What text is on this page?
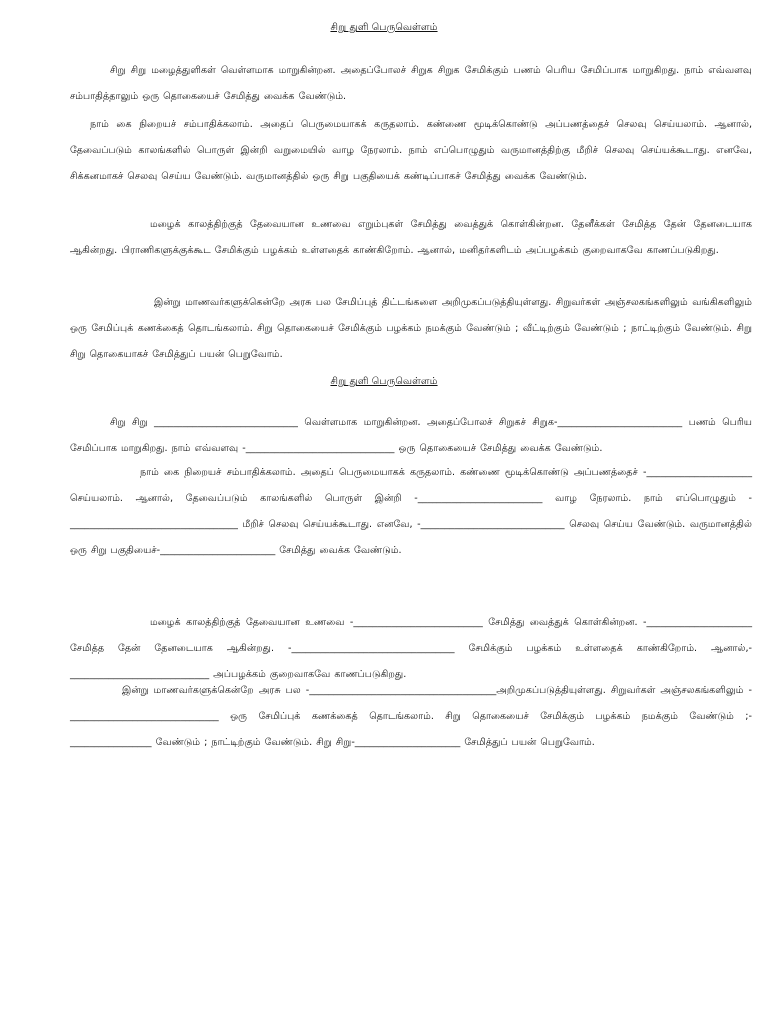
சிறு துளி பெருவெள்ளம்

சிறு சிறு மழைத்துளிகள் வெள்ளமாக மாறுகின்றன. அதைப்போலச் சிறுக சிறுக சேமிக்கும் பணம் பெரிய சேமிப்பாக மாறுகிறது. நாம் எவ்வளவு சம்பாதித்தாலும் ஒரு தொகையைச் சேமித்து வைக்க வேண்டும்.

நாம் கை நிறையச் சம்பாதிக்கலாம். அதைப் பெருமையாகக் கருதலாம். கண்ணை மூடிக்கொண்டு அப்பணத்தைச் செலவு செய்யலாம். ஆனால், தேவைப்படும் காலங்களில் பொருள் இன்றி வறுமையில் வாழ நேரலாம். நாம் எப்பொழுதும் வருமானத்திற்கு மீறிச் செலவு செய்யக்கூடாது. எனவே, சிக்கனமாகச் செலவு செய்ய வேண்டும். வருமானத்தில் ஒரு சிறு பகுதியைக் கண்டிப்பாகச் சேமித்து வைக்க வேண்டும்.

மழைக் காலத்திற்குத் தேவையான உணவை எறும்புகள் சேமித்து வைத்துக் கொள்கின்றன. தேனீக்கள் சேமித்த தேன் தேனடையாக ஆகின்றது. பிராணிகளுக்குக்கூட சேமிக்கும் பழக்கம் உள்ளதைக் காண்கிறோம். ஆனால், மனிதர்களிடம் அப்பழக்கம் குறைவாகவே காணப்படுகிறது.

இன்று மாணவர்களுக்கென்றே அரசு பல சேமிப்புத் திட்டங்களை அறிமுகப்படுத்தியுள்ளது. சிறுவர்கள் அஞ்சலகங்களிலும் வங்கிகளிலும் ஒரு சேமிப்புக் கணக்கைத் தொடங்கலாம். சிறு தொகையைச் சேமிக்கும் பழக்கம் நமக்கும் வேண்டும் ; வீட்டிற்கும் வேண்டும் ; நாட்டிற்கும் வேண்டும். சிறு சிறு தொகையாகச் சேமித்துப் பயன் பெறுவோம்.

சிறு துளி பெருவெள்ளம்

சிறு சிறு ______________________________ வெள்ளமாக மாறுகின்றன. அதைப்போலச் சிறுகச் சிறுக-__________________________ பணம் பெரிய சேமிப்பாக மாறுகிறது. நாம் எவ்வளவு -_______________________________ ஒரு தொகையைச் சேமித்து வைக்க வேண்டும்.

நாம் கை நிறையச் சம்பாதிக்கலாம். அதைப் பெருமையாகக் கருதலாம். கண்ணை மூடிக்கொண்டு அப்பணத்தைச் -______________________ செய்யலாம். ஆனால், தேவைப்படும் காலங்களில் பொருள் இன்றி -__________________________ வாழ நேரலாம். நாம் எப்பொழுதும் -___________________________________ மீறிச் செலவு செய்யக்கூடாது. எனவே, -______________________________ செலவு செய்ய வேண்டும். வருமானத்தில் ஒரு சிறு பகுதியைச்-________________________ சேமித்து வைக்க வேண்டும்.

மழைக் காலத்திற்குத் தேவையான உணவை -___________________________ சேமித்து வைத்துக் கொள்கின்றன. -______________________ சேமித்த தேன் தேனடையாக ஆகின்றது. -__________________________________ சேமிக்கும் பழக்கம் உள்ளதைக் காண்கிறோம். ஆனால்,-_____________________________ அப்பழக்கம் குறைவாகவே காணப்படுகிறது.

இன்று மாணவர்களுக்கென்றே அரசு பல -_______________________________________அறிமுகப்படுத்தியுள்ளது. சிறுவர்கள் அஞ்சலகங்களிலும் -_______________________________ ஒரு சேமிப்புக் கணக்கைத் தொடங்கலாம். சிறு தொகையைச் சேமிக்கும் பழக்கம் நமக்கும் வேண்டும் ;-_________________ வேண்டும் ; நாட்டிற்கும் வேண்டும். சிறு சிறு-______________________ சேமித்துப் பயன் பெறுவோம்.
